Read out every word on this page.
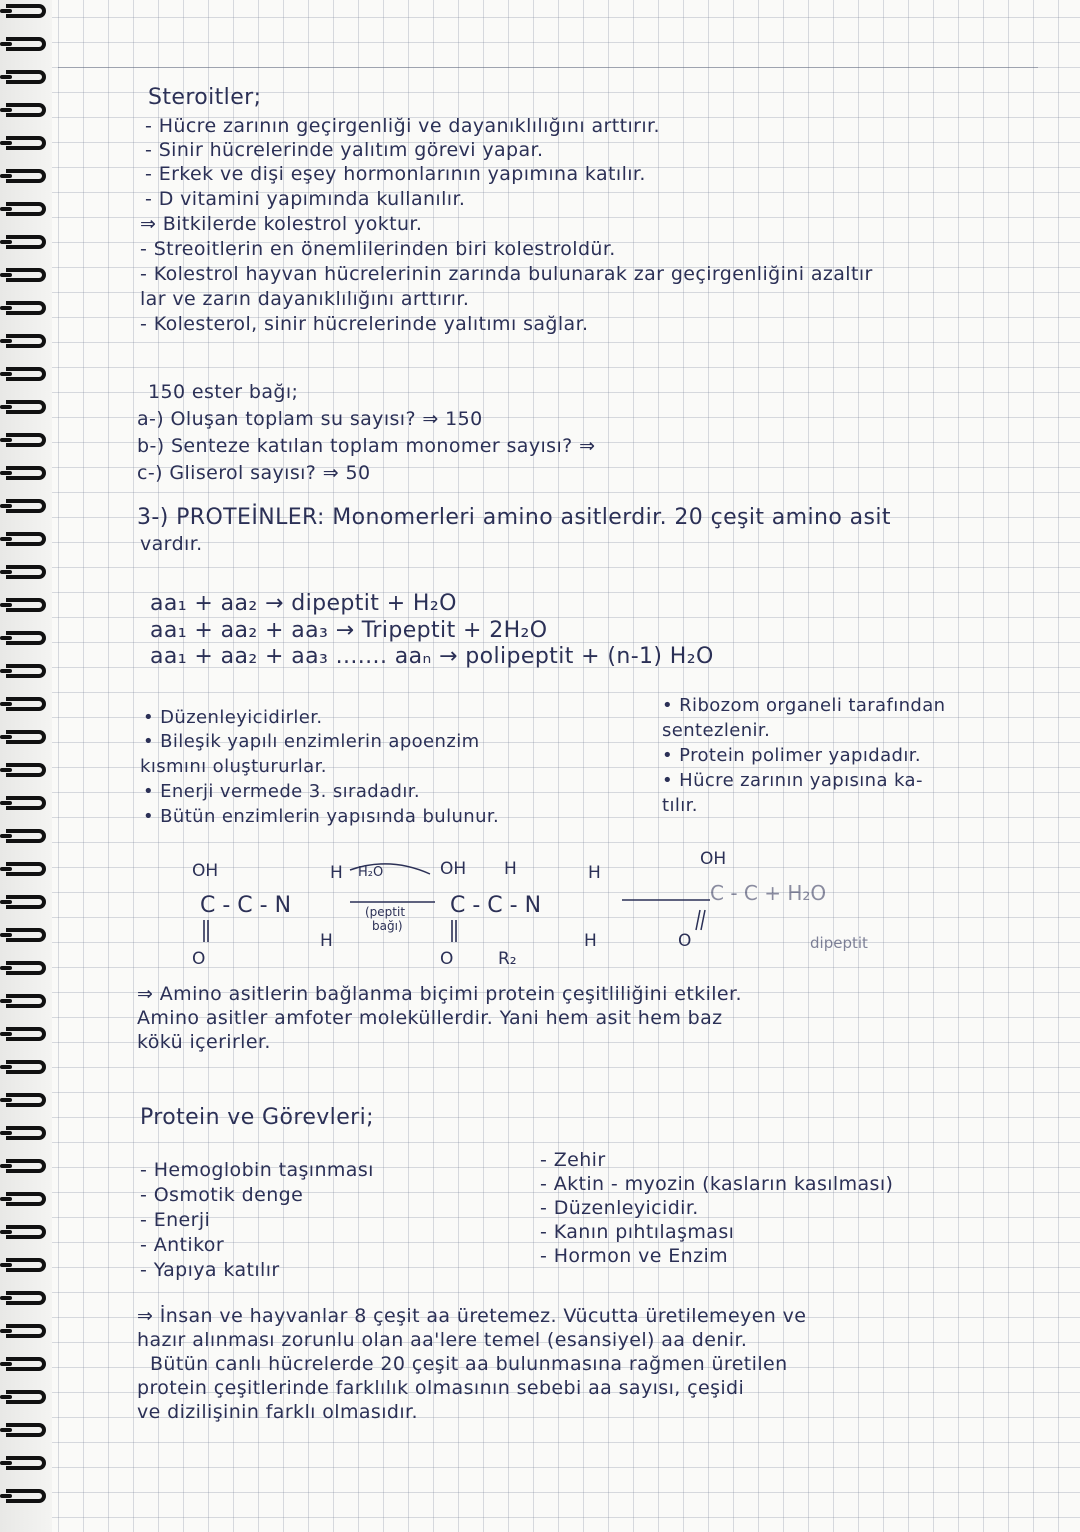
Steroitler;
- Hücre zarının geçirgenliği ve dayanıklılığını arttırır.
- Sinir hücrelerinde yalıtım görevi yapar.
- Erkek ve dişi eşey hormonlarının yapımına katılır.
- D vitamini yapımında kullanılır.
⇒ Bitkilerde kolestrol yoktur.
- Streoitlerin en önemlilerinden biri kolestroldür.
- Kolestrol hayvan hücrelerinin zarında bulunarak zar geçirgenliğini azaltır
lar ve zarın dayanıklılığını arttırır.
- Kolesterol, sinir hücrelerinde yalıtımı sağlar.
150 ester bağı;
a-) Oluşan toplam su sayısı? ⇒ 150
b-) Senteze katılan toplam monomer sayısı? ⇒
c-) Gliserol sayısı? ⇒ 50
3-) PROTEİNLER: Monomerleri amino asitlerdir. 20 çeşit amino asit
vardır.
aa₁ + aa₂ → dipeptit + H₂O
aa₁ + aa₂ + aa₃ → Tripeptit + 2H₂O
aa₁ + aa₂ + aa₃ ....... aaₙ → polipeptit + (n-1) H₂O
• Düzenleyicidirler.
• Bileşik yapılı enzimlerin apoenzim
kısmını oluştururlar.
• Enerji vermede 3. sıradadır.
• Bütün enzimlerin yapısında bulunur.
• Ribozom organeli tarafından
sentezlenir.
• Protein polimer yapıdadır.
• Hücre zarının yapısına ka-
tılır.
OH
C - C - N
H
H
O
H₂O
(peptit
bağı)
OH H
C - C - N
H
H
O	R₂
OH
C - C + H₂O
O	dipeptit
⇒ Amino asitlerin bağlanma biçimi protein çeşitliliğini etkiler.
Amino asitler amfoter moleküllerdir. Yani hem asit hem baz
kökü içerirler.
Protein ve Görevleri;
- Hemoglobin taşınması
- Osmotik denge
- Enerji
- Antikor
- Yapıya katılır
- Zehir
- Aktin - myozin (kasların kasılması)
- Düzenleyicidir.
- Kanın pıhtılaşması
- Hormon ve Enzim
⇒ İnsan ve hayvanlar 8 çeşit aa üretemez. Vücutta üretilemeyen ve
hazır alınması zorunlu olan aa'lere temel (esansiyel) aa denir.
Bütün canlı hücrelerde 20 çeşit aa bulunmasına rağmen üretilen
protein çeşitlerinde farklılık olmasının sebebi aa sayısı, çeşidi
ve dizilişinin farklı olmasıdır.
